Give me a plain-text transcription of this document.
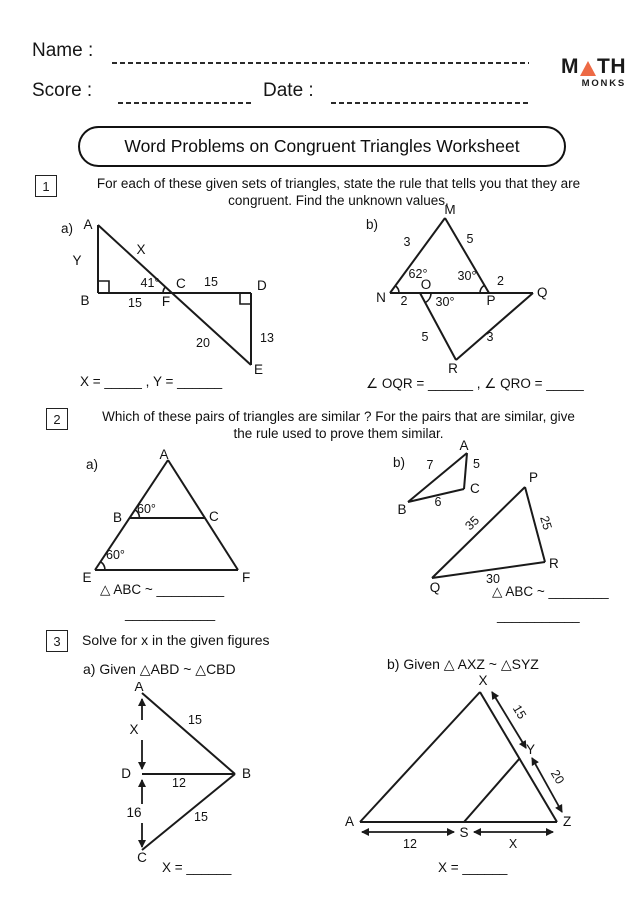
Name :
M TH
MONKS
Score :	Date :
Word Problems on Congruent Triangles Worksheet
1	For each of these given sets of triangles, state the rule that tells you that they are
congruent. Find the unknown values.
a) A
B
C	D
E
F
X
Y
41°
15
15
20	13
X = _____ , Y = ______
b)
M
N
O
P
Q
R
3	5
62° 30° 2
2 30°
5	3
∠ OQR = ______ , ∠ QRO = _____
2	Which of these pairs of triangles are similar ? For the pairs that are similar, give
the rule used to prove them similar.
a)
A
B	C
E	F
60°
60°
△ ABC ~ _________
____________
b)
A
B
C
P
Q
R
7	5
6
35	25
30
△ ABC ~ ________
___________
3 Solve for x in the given figures
a) Given △ABD ~ △CBD
A
B
C
D
X
16
15
12
15
X = ______
b) Given △ AXZ ~ △SYZ
X
A	Z
S
Y
15
20
12	X
X = ______
